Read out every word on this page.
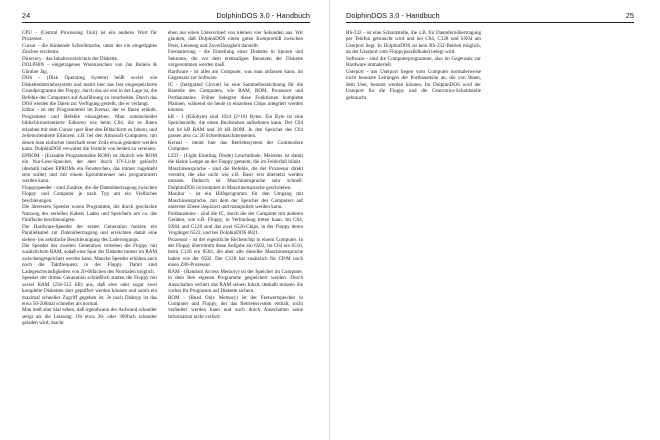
24	DolphinDOS 3.0 - Handbuch

CPU - (Central Processing Unit) ist ein anderes Wort für Prozessor.

Cursor - die blinkende Schreibmarke, unter der ein eingetipptes Zeichen erscheint.

Directory - das Inhaltsverzeichnis der Diskette.

DOLPHIN - eingetragenes Warenzeichen von Jan Bubela & Günther Jäg.

DOS - (Disk Operating System) heißt soviel wie Diskettenbetriebssystem und meint hier das fest eingespeicherte Grundprogramm der Floppy, durch das sie erst in der Lage ist, die Befehle des Computers auf Ausführung zu verarbeiten. Durch das DOS werden die Daten zur Verfügung gestellt, die er verlangt.

Editor - ist der Programmteil im Kernal, der es Ihnen erlaubt, Programme und Befehle einzugeben. Man unterscheidet bildschirmorientierte Editoren wie beim C64, die es Ihnen erlauben mit dem Cursor quer über den Bildschirm zu fahren, und zeilenorientierte Editoren, z.B. bei den Atmosoft-Computers, mit denen man einfacher innerhalb einer Zeile etwas geändert werden kann. DolphinDOS verwaltet die Vorteile von beiden zu vereinen.

EPROM - (Erasable Programmable ROM) ist ähnlich wie ROM ein Nur-Lese-Speicher, der aber durch UV-Licht gelöscht (deshalb haben EPROMs ein Fensterchen, das immer zugeklebt sein sollte) und mit einem Eprombrenner neu programmiert werden kann.

Floppyspeeder - sind Zusätze, die die Datenübertragung zwischen Floppy und Computer je nach Typ um ein Vielfaches beschleunigen.

Die älteresten Speeder waren Programme, die durch geschickte Nutzung des seriellen Kabels Laden und Speichern um ca. das Fünffache beschleunigten.

Die Hardware-Speeder der ersten Generation nutzten ein Parallelkabel zur Datenübertragung und erreichten damit eine sieben- bis zehnfache Beschleunigung des Ladevorgangs.

Die Speeder der zweiten Generation versehen die Floppy mit zusätzlichem RAM, sodaß eine Spur der Diskette immer im RAM zwischengespeichert werden kann. Manche Speeder erhöhen auch noch die Taktfrequenz in der Floppy. Damit sind Ladegeschwindigkeiten von 20-60fachen des Normalen möglich.

Speeder der dritten Generation schließlich statten die Floppy mit soviel RAM (256-512 kB) aus, daß eine oder sogar zwei komplette Disketten dort gepuffert werden können und somit ein maximal schneller Zugriff gegeben ist. Je nach Disktyp ist das etwa 50-200mal schneller als normal.

Man muß aber klar sehen, daß irgendwann der Aufwand schneller steigt als die Leistung. Ob etwa 30- oder 300fach schneller geladen wird, macht

eben nur einen Unterschied von kleinen vier Sekunden aus. Wir glauben, daß DolphinDOS einen guten Kompromiß zwischen Preis, Leistung und Zuverlässigkeit darstellt.

Formatierung - die Einteilung einer Diskette in Spuren und Sektoren, die vor dem erstmaligen Benutzen der Diskette vorgenommen werden muß.

Hardware - ist alles am Computer, was man anfassen kann, im Gegensatz zur Software.

IC - (Integrated Circuit) ist eine Sammelbezeichnung für die Bauteile des Computers, wie RAM, ROM, Prozessor und Portbausteine. Früher belegten diese Funktionen komplette Platinen, während sie heute in einzelnen Chips integriert werden können.

kB - 1 (Kilobyte) sind 1024 (2^10) Bytes. Ein Byte ist eine Speicherzelle, die einen Buchstaben aufnehmen kann. Der C64 hat 64 kB RAM und 20 kB ROM. In den Speicher des C64 passen also ca. 20 Schreibmaschinenseiten.

Kernal - meint hier das Betriebssystem der Commodore Computer.

LED - (Light Emitting Diode) Leuchtdiode. Meistens ist damit die kleine Lampe an der Floppy gemeint, die im Fehlerfall blinkt.

Maschinensprache - sind die Befehle, die der Prozessor direkt versteht, die also nicht wie z.B. Basic erst übersetzt werden müssen. Dadurch ist Maschinensprache sehr schnell. DolphinDOS ist komplett in Maschinensprache geschrieben.

Monitor - ist ein Hilfsprogramm für den Umgang mit Maschinensprache, mit dem der Speicher des Computers auf unterster Ebene inspiziert und manipuliert werden kann.

Portbausteine - sind die IC, durch die der Computer mit anderen Geräten, wie z.B. Floppy, in Verbindung treten kann. Im C64, SX64 und C128 sind das zwei 6526-Chips, in der Floppy deren Vorgänger 6522, und bei DolphinDOS 6821.

Prozessor - ist der eigentliche Rechenchip in einem Computer. In der Floppy übernimmt diese Aufgabe ein 6502, im C64 ein 6510, beim C128 ein 8502, die aber alle dieselbe Maschinensprache haben wie der 6502. Der C128 hat zusätzlich für CP/M noch einen Z80-Prozessor.

RAM - (Random Access Memory) ist der Speicher im Computer, in dem Ihre eigenen Programme gespeichert werden. Durch Ausschalten verliert das RAM seinen Inhalt, deshalb müssen Sie vorher Ihr Programm auf Diskette sichern.

ROM - (Read Only Memory) ist der Festwertspeicher in Computer und Floppy, der das Betriebssystem enthält, nicht verändert werden kann und auch durch Ausschalten seine Information nicht verliert.

DolphinDOS 3.0 - Handbuch	25

RS-232 - ist eine Schnittstelle, die z.B. für Datenfernübertragung per Telefon gebraucht wird und bei C64, C128 und SX64 am Userport liegt. In DolphinDOS ist kein RS-232-Betrieb möglich, da der Userport vom Floppyparallelkabel belegt wird.

Software - sind die Computerprogramme, also im Gegensatz zur Hardware immateriell.

Userport - am Userport liegen vom Computer normalerweise nicht benutzte Leitungen der Portbausteine an, die von Ihnen, dem User, benutzt werden können. Im DolphinDOS wird der Userport für die Floppy und die Centronics-Schnittstelle gebraucht.
